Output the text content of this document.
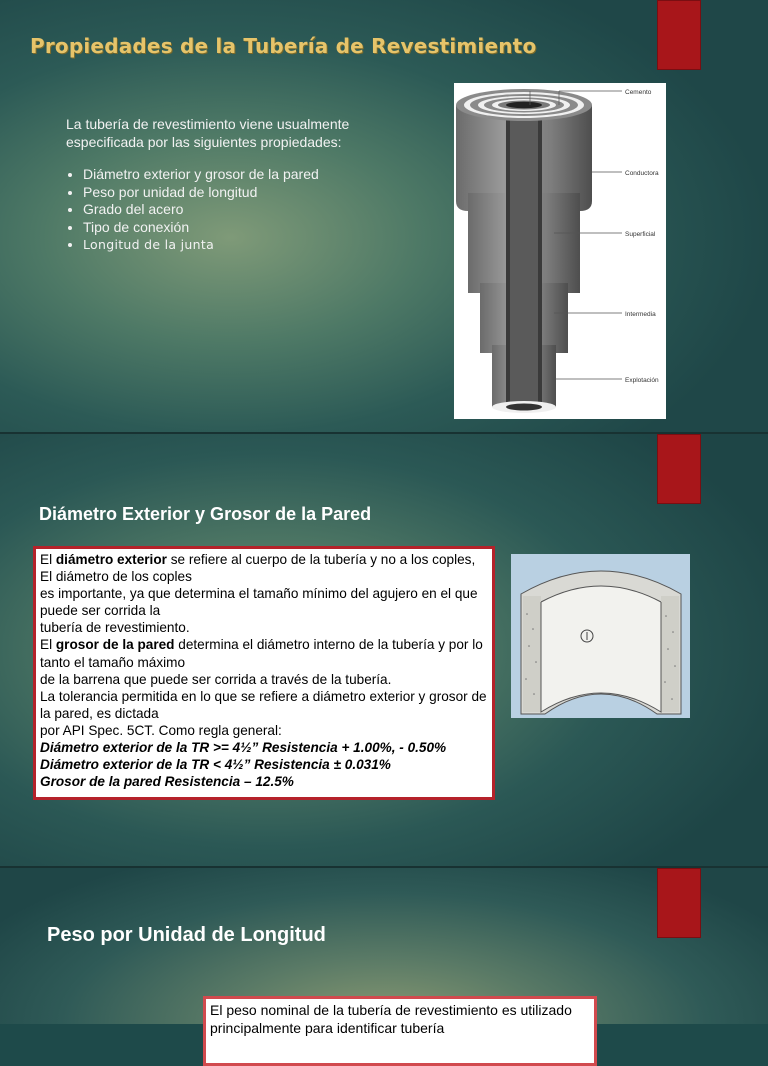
Propiedades de la Tubería de Revestimiento

La tubería de revestimiento viene usualmente especificada por las siguientes propiedades:

• Diámetro exterior y grosor de la pared
• Peso por unidad de longitud
• Grado del acero
• Tipo de conexión
• Longitud de la junta
Cemento
Conductora
Superficial
Intermedia
Explotación
Diámetro Exterior y Grosor de la Pared

El diámetro exterior se refiere al cuerpo de la tubería y no a los coples, El diámetro de los coples

es importante, ya que determina el tamaño mínimo del agujero en el que puede ser corrida la

tubería de revestimiento.

El grosor de la pared determina el diámetro interno de la tubería y por lo tanto el tamaño máximo

de la barrena que puede ser corrida a través de la tubería.

La tolerancia permitida en lo que se refiere a diámetro exterior y grosor de la pared, es dictada

por API Spec. 5CT. Como regla general:

Diámetro exterior de la TR >= 4½” Resistencia + 1.00%, - 0.50%

Diámetro exterior de la TR < 4½” Resistencia ± 0.031%

Grosor de la pared Resistencia – 12.5%

Peso por Unidad de Longitud

El peso nominal de la tubería de revestimiento es utilizado principalmente para identificar tubería
